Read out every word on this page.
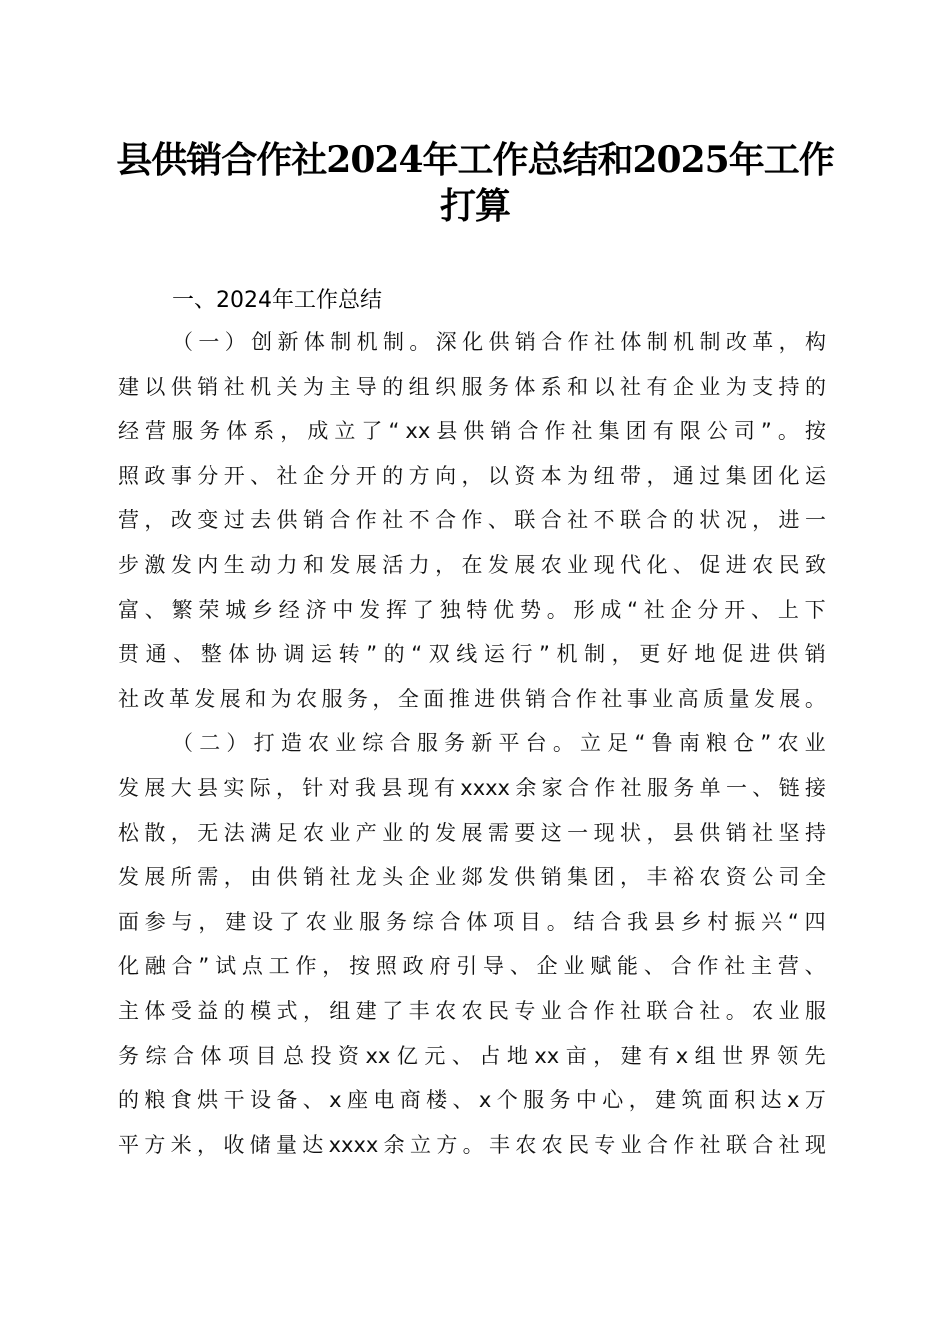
县供销合作社2024年工作总结和2025年工作
打算
一、2024年工作总结
（ 一 ） 创 新 体 制 机 制 。 深 化 供 销 合 作 社 体 制 机 制 改 革 ， 构
建 以 供 销 社 机 关 为 主 导 的 组 织 服 务 体 系 和 以 社 有 企 业 为 支 持 的
经 营 服 务 体 系 ， 成 立 了 “ xx 县 供 销 合 作 社 集 团 有 限 公 司 ” 。 按
照 政 事 分 开 、 社 企 分 开 的 方 向 ， 以 资 本 为 纽 带 ， 通 过 集 团 化 运
营 ， 改 变 过 去 供 销 合 作 社 不 合 作 、 联 合 社 不 联 合 的 状 况 ， 进 一
步 激 发 内 生 动 力 和 发 展 活 力 ， 在 发 展 农 业 现 代 化 、 促 进 农 民 致
富 、 繁 荣 城 乡 经 济 中 发 挥 了 独 特 优 势 。 形 成 “ 社 企 分 开 、 上 下
贯 通 、 整 体 协 调 运 转 ” 的 “ 双 线 运 行 ” 机 制 ， 更 好 地 促 进 供 销
社 改 革 发 展 和 为 农 服 务 ， 全 面 推 进 供 销 合 作 社 事 业 高 质 量 发 展 。
（ 二 ） 打 造 农 业 综 合 服 务 新 平 台 。 立 足 “ 鲁 南 粮 仓 ” 农 业
发 展 大 县 实 际 ， 针 对 我 县 现 有 xxxx 余 家 合 作 社 服 务 单 一 、 链 接
松 散 ， 无 法 满 足 农 业 产 业 的 发 展 需 要 这 一 现 状 ， 县 供 销 社 坚 持
发 展 所 需 ， 由 供 销 社 龙 头 企 业 郯 发 供 销 集 团 ， 丰 裕 农 资 公 司 全
面 参 与 ， 建 设 了 农 业 服 务 综 合 体 项 目 。 结 合 我 县 乡 村 振 兴 “ 四
化 融 合 ” 试 点 工 作 ， 按 照 政 府 引 导 、 企 业 赋 能 、 合 作 社 主 营 、
主 体 受 益 的 模 式 ， 组 建 了 丰 农 农 民 专 业 合 作 社 联 合 社 。 农 业 服
务 综 合 体 项 目 总 投 资 xx 亿 元 、 占 地 xx 亩 ， 建 有 x 组 世 界 领 先
的 粮 食 烘 干 设 备 、 x 座 电 商 楼 、 x 个 服 务 中 心 ， 建 筑 面 积 达 x 万
平 方 米 ， 收 储 量 达 xxxx 余 立 方 。 丰 农 农 民 专 业 合 作 社 联 合 社 现
